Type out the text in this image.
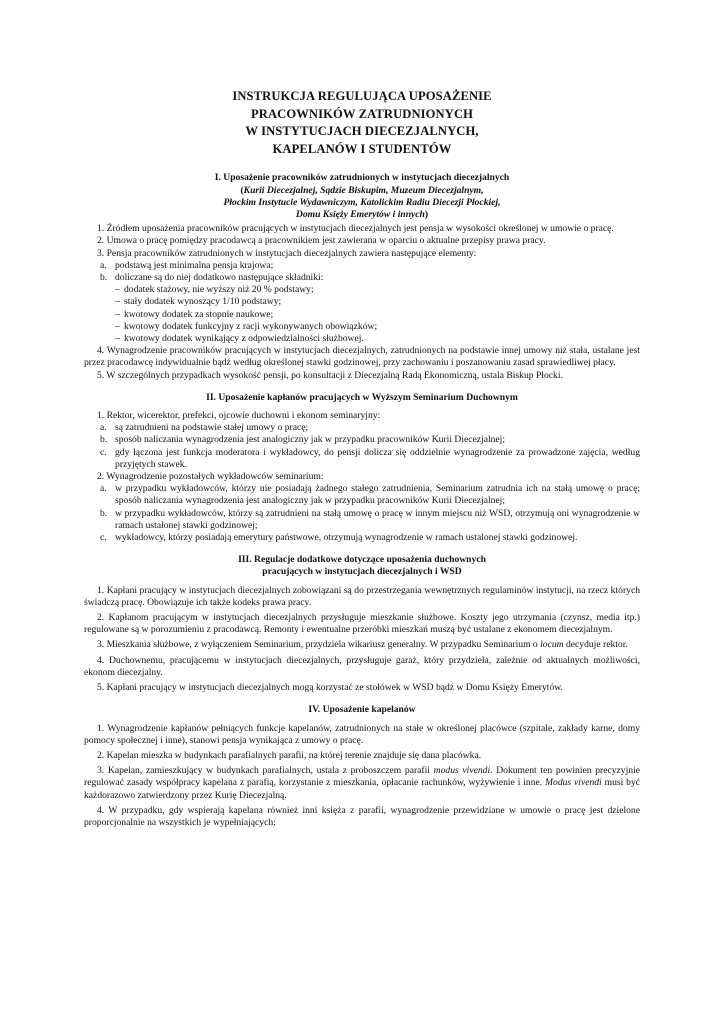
INSTRUKCJA REGULUJĄCA UPOSAŻENIE
PRACOWNIKÓW ZATRUDNIONYCH
W INSTYTUCJACH DIECEZJALNYCH,
KAPELANÓW I STUDENTÓW
I. Uposażenie pracowników zatrudnionych w instytucjach diecezjalnych
(Kurii Diecezjalnej, Sądzie Biskupim, Muzeum Diecezjalnym,
Płockim Instytucie Wydawniczym, Katolickim Radiu Diecezji Płockiej,
Domu Księży Emerytów i innych)
1. Źródłem uposażenia pracowników pracujących w instytucjach diecezjalnych jest pensja w wysokości określonej w umowie o pracę.
2. Umowa o pracę pomiędzy pracodawcą a pracownikiem jest zawierana w oparciu o aktualne przepisy prawa pracy.
3. Pensja pracowników zatrudnionych w instytucjach diecezjalnych zawiera następujące elementy:
a. podstawą jest minimalna pensja krajowa;
b. doliczane są do niej dodatkowo następujące składniki:
– dodatek stażowy, nie wyższy niż 20 % podstawy;
– stały dodatek wynoszący 1/10 podstawy;
– kwotowy dodatek za stopnie naukowe;
– kwotowy dodatek funkcyjny z racji wykonywanych obowiązków;
– kwotowy dodatek wynikający z odpowiedzialności służbowej.
4. Wynagrodzenie pracowników pracujących w instytucjach diecezjalnych, zatrudnionych na podstawie innej umowy niż stała, ustalane jest przez pracodawcę indywidualnie bądź według określonej stawki godzinowej, przy zachowaniu i poszanowaniu zasad sprawiedliwej płacy.
5. W szczególnych przypadkach wysokość pensji, po konsultacji z Diecezjalną Radą Ekonomiczną, ustala Biskup Płocki.
II. Uposażenie kapłanów pracujących w Wyższym Seminarium Duchownym
1. Rektor, wicerektor, prefekci, ojcowie duchowni i ekonom seminaryjny:
a. są zatrudnieni na podstawie stałej umowy o pracę;
b. sposób naliczania wynagrodzenia jest analogiczny jak w przypadku pracowników Kurii Diecezjalnej;
c. gdy łączona jest funkcja moderatora i wykładowcy, do pensji dolicza się oddzielnie wynagrodzenie za prowadzone zajęcia, według przyjętych stawek.
2. Wynagrodzenie pozostałych wykładowców seminarium:
a. w przypadku wykładowców, którzy nie posiadają żadnego stałego zatrudnienia, Seminarium zatrudnia ich na stałą umowę o pracę; sposób naliczania wynagrodzenia jest analogiczny jak w przypadku pracowników Kurii Diecezjalnej;
b. w przypadku wykładowców, którzy są zatrudnieni na stałą umowę o pracę w innym miejscu niż WSD, otrzymują oni wynagrodzenie w ramach ustalonej stawki godzinowej;
c. wykładowcy, którzy posiadają emerytury państwowe, otrzymują wynagrodzenie w ramach ustalonej stawki godzinowej.
III. Regulacje dodatkowe dotyczące uposażenia duchownych
pracujących w instytucjach diecezjalnych i WSD
1. Kapłani pracujący w instytucjach diecezjalnych zobowiązani są do przestrzegania wewnętrznych regulaminów instytucji, na rzecz których świadczą pracę. Obowiązuje ich także kodeks prawa pracy.
2. Kapłanom pracującym w instytucjach diecezjalnych przysługuje mieszkanie służbowe. Koszty jego utrzymania (czynsz, media itp.) regulowane są w porozumieniu z pracodawcą. Remonty i ewentualne przeróbki mieszkań muszą być ustalane z ekonomem diecezjalnym.
3. Mieszkania służbowe, z wyłączeniem Seminarium, przydziela wikariusz generalny. W przypadku Seminarium o locum decyduje rektor.
4. Duchownemu, pracującemu w instytucjach diecezjalnych, przysługuje garaż, który przydziela, zależnie od aktualnych możliwości, ekonom diecezjalny.
5. Kapłani pracujący w instytucjach diecezjalnych mogą korzystać ze stołówek w WSD bądź w Domu Księży Emerytów.
IV. Uposażenie kapelanów
1. Wynagrodzenie kapłanów pełniących funkcje kapelanów, zatrudnionych na stałe w określonej placówce (szpitale, zakłady karne, domy pomocy społecznej i inne), stanowi pensja wynikająca z umowy o pracę.
2. Kapelan mieszka w budynkach parafialnych parafii, na której terenie znajduje się dana placówka.
3. Kapelan, zamieszkujący w budynkach parafialnych, ustala z proboszczem parafii modus vivendi. Dokument ten powinien precyzyjnie regulować zasady współpracy kapelana z parafią, korzystanie z mieszkania, opłacanie rachunków, wyżywienie i inne. Modus vivendi musi być każdorazowo zatwierdzony przez Kurię Diecezjalną.
4. W przypadku, gdy wspierają kapelana również inni księża z parafii, wynagrodzenie przewidziane w umowie o pracę jest dzielone proporcjonalnie na wszystkich je wypełniających;
